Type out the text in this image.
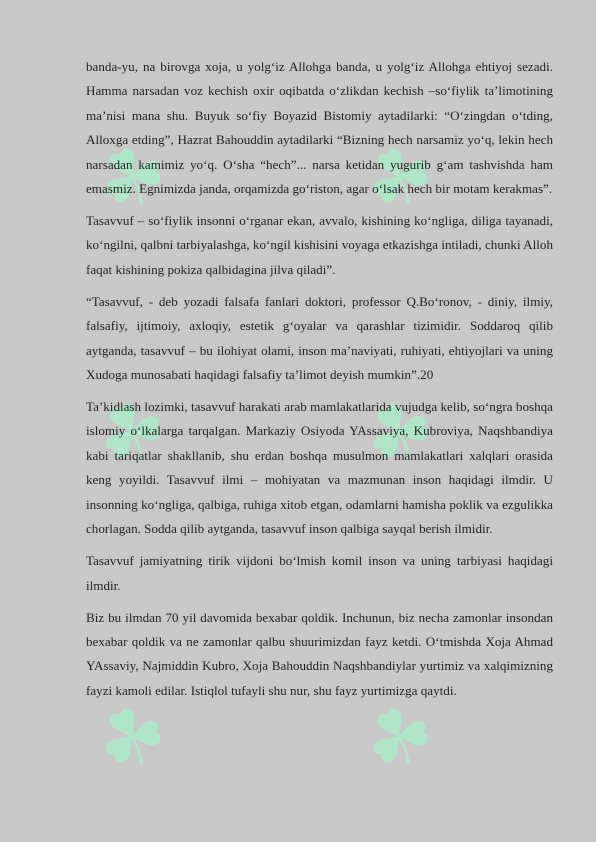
☘ ☘
☘ ☘
☘ ☘

banda-yu, na birovga xoja, u yolg‘iz Allohga banda, u yolg‘iz Allohga ehtiyoj sezadi. Hamma narsadan voz kechish oxir oqibatda o‘zlikdan kechish –so‘fiylik ta’limotining ma’nisi mana shu. Buyuk so‘fiy Boyazid Bistomiy aytadilarki: “O‘zingdan o‘tding, Alloxga etding”, Hazrat Bahouddin aytadilarki “Bizning hech narsamiz yo‘q, lekin hech narsadan kamimiz yo‘q. O‘sha “hech”... narsa ketidan yugurib g‘am tashvishda ham emasmiz. Egnimizda janda, orqamizda go‘riston, agar o‘lsak hech bir motam kerakmas”.

Tasavvuf – so‘fiylik insonni o‘rganar ekan, avvalo, kishining ko‘ngliga, diliga tayanadi, ko‘ngilni, qalbni tarbiyalashga, ko‘ngil kishisini voyaga etkazishga intiladi, chunki Alloh faqat kishining pokiza qalbidagina jilva qiladi”.

“Tasavvuf, - deb yozadi falsafa fanlari doktori, professor Q.Bo‘ronov, - diniy, ilmiy, falsafiy, ijtimoiy, axloqiy, estetik g‘oyalar va qarashlar tizimidir. Soddaroq qilib aytganda, tasavvuf – bu ilohiyat olami, inson ma’naviyati, ruhiyati, ehtiyojlari va uning Xudoga munosabati haqidagi falsafiy ta’limot deyish mumkin”.20

Ta’kidlash lozimki, tasavvuf harakati arab mamlakatlarida vujudga kelib, so‘ngra boshqa islomiy o‘lkalarga tarqalgan. Markaziy Osiyoda YAssaviya, Kubroviya, Naqshbandiya kabi tariqatlar shakllanib, shu erdan boshqa musulmon mamlakatlari xalqlari orasida keng yoyildi. Tasavvuf ilmi – mohiyatan va mazmunan inson haqidagi ilmdir. U insonning ko‘ngliga, qalbiga, ruhiga xitob etgan, odamlarni hamisha poklik va ezgulikka chorlagan. Sodda qilib aytganda, tasavvuf inson qalbiga sayqal berish ilmidir.

Tasavvuf jamiyatning tirik vijdoni bo‘lmish komil inson va uning tarbiyasi haqidagi ilmdir.

Biz bu ilmdan 70 yil davomida bexabar qoldik. Inchunun, biz necha zamonlar insondan bexabar qoldik va ne zamonlar qalbu shuurimizdan fayz ketdi. O‘tmishda Xoja Ahmad YAssaviy, Najmiddin Kubro, Xoja Bahouddin Naqshbandiylar yurtimiz va xalqimizning fayzi kamoli edilar. Istiqlol tufayli shu nur, shu fayz yurtimizga qaytdi.
